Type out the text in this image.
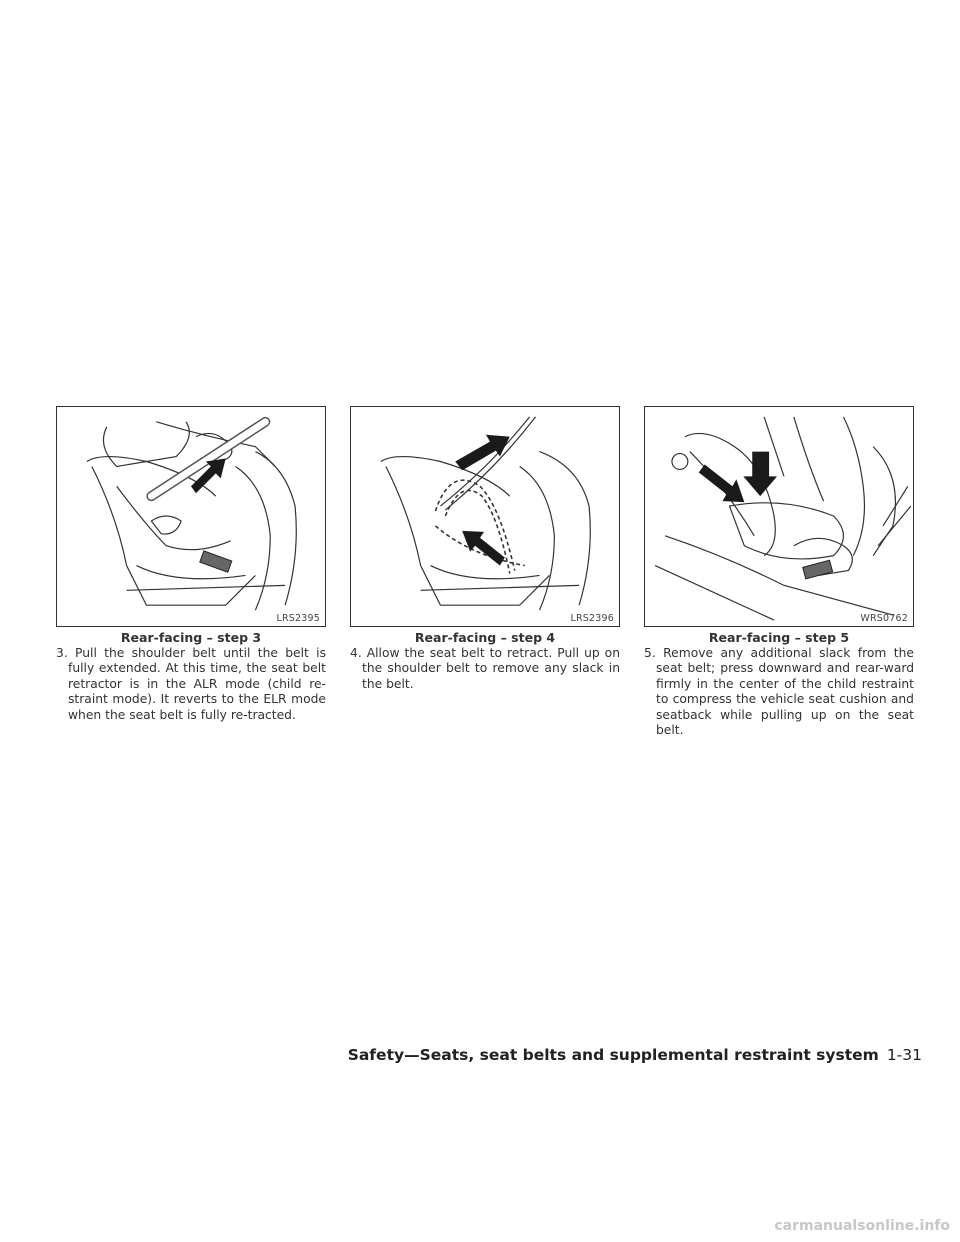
LRS2395
Rear-facing – step 3
3. Pull the shoulder belt until the belt is fully extended. At this time, the seat belt retractor is in the ALR mode (child re-straint mode). It reverts to the ELR mode when the seat belt is fully re-tracted.
LRS2396
Rear-facing – step 4
4. Allow the seat belt to retract. Pull up on the shoulder belt to remove any slack in the belt.
WRS0762
Rear-facing – step 5
5. Remove any additional slack from the seat belt; press downward and rear-ward firmly in the center of the child restraint to compress the vehicle seat cushion and seatback while pulling up on the seat belt.
Safety—Seats, seat belts and supplemental restraint system 1-31
carmanualsonline.info
